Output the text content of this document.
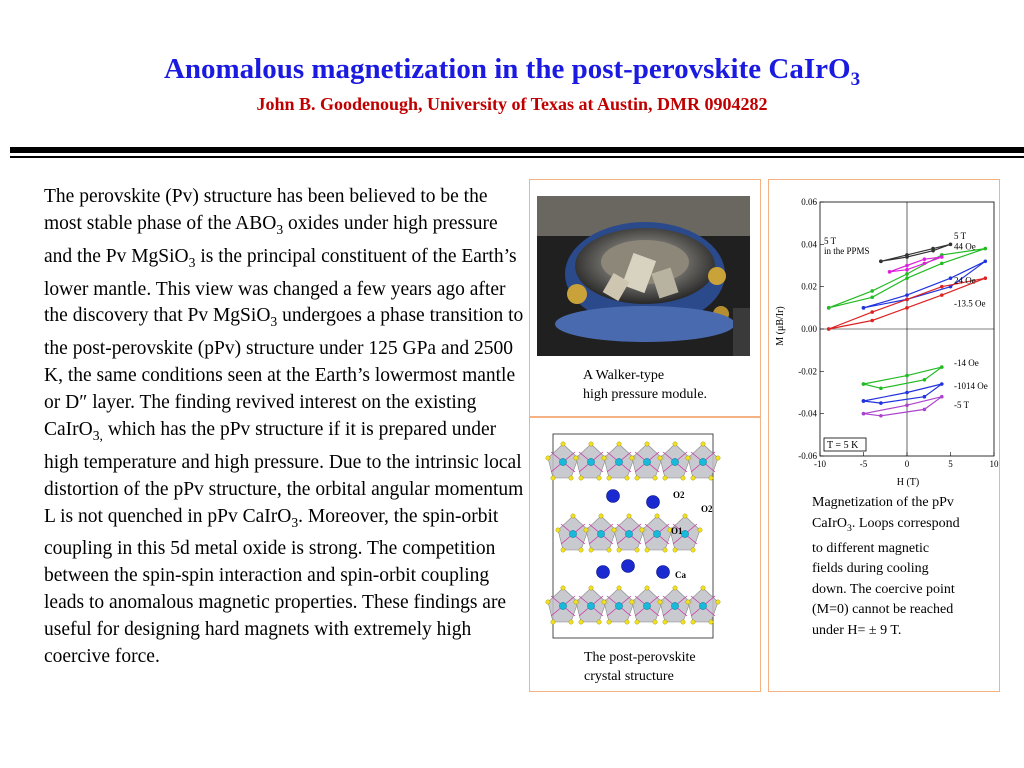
Anomalous magnetization in the post-perovskite CaIrO$_3$
John B. Goodenough, University of Texas at Austin, DMR 0904282

The perovskite (Pv) structure has been believed to be the most stable phase of the $ABO_3$ oxides under high pressure and the Pv MgSiO$_3$ is the principal constituent of the Earth’s lower mantle. This view was changed a few years ago after the discovery that Pv MgSiO$_3$ undergoes a phase transition to the post-perovskite (pPv) structure under 125 GPa and 2500 K, the same conditions seen at the Earth’s lowermost mantle or D″ layer. The finding revived interest on the existing CaIrO$_{3,}$ which has the pPv structure if it is prepared under high temperature and high pressure. Due to the intrinsic local distortion of the pPv structure, the orbital angular momentum L is not quenched in pPv CaIrO$_3$. Moreover, the spin-orbit coupling in this 5d metal oxide is strong. The competition between the spin-spin interaction and spin-orbit coupling leads to anomalous magnetic properties. These findings are useful for designing hard magnets with extremely high coercive force.

A Walker-type
high pressure module.
O2
O2
O1
Ca
The post-perovskite
crystal structure
-10	-5	0	5	10
-0.06
-0.04
-0.02
0.00
0.02
0.04
0.06
5 T
44 Oe
24 Oe
-13.5 Oe
-14 Oe
-1014 Oe
-5 T
H (T)
M (μB/Ir)
5 T
in the PPMS
T = 5 K
Magnetization of the pPv CaIrO$_3$. Loops correspond to different magnetic fields during cooling down. The coercive point (M=0) cannot be reached under H= ± 9 T.
